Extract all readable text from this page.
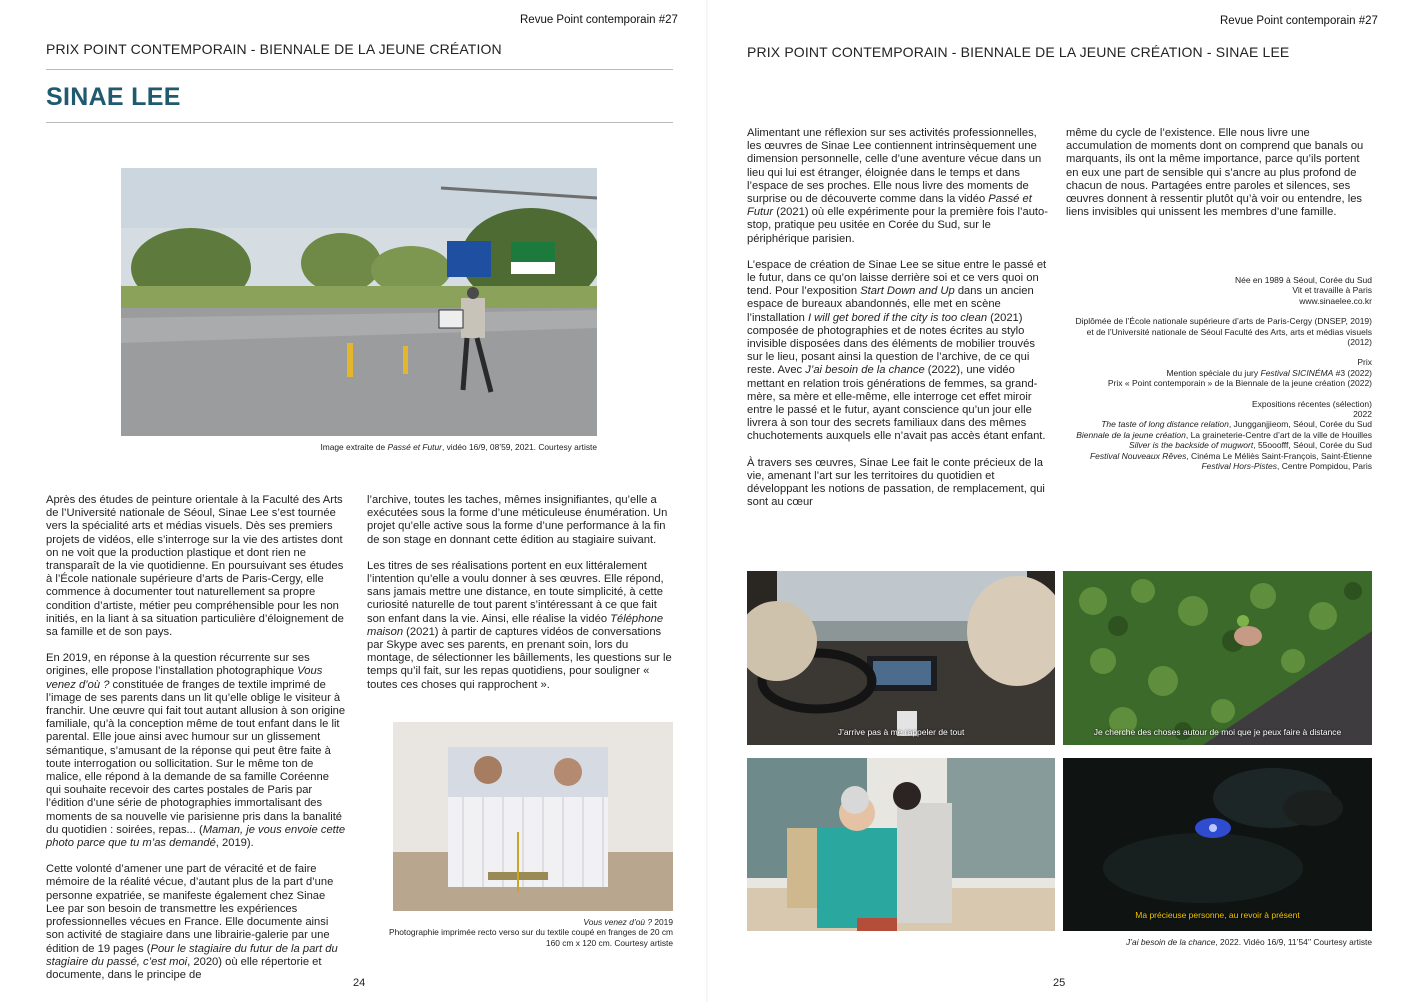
Revue Point contemporain #27
PRIX POINT CONTEMPORAIN - BIENNALE DE LA JEUNE CRÉATION
SINAE LEE
Image extraite de Passé et Futur, vidéo 16/9, 08’59, 2021. Courtesy artiste

Après des études de peinture orientale à la Faculté des Arts de l’Université nationale de Séoul, Sinae Lee s’est tournée vers la spécialité arts et médias visuels. Dès ses premiers projets de vidéos, elle s’interroge sur la vie des artistes dont on ne voit que la production plastique et dont rien ne transparaît de la vie quotidienne. En poursuivant ses études à l’École nationale supérieure d’arts de Paris-Cergy, elle commence à documenter tout naturellement sa propre condition d’artiste, métier peu compréhensible pour les non initiés, en la liant à sa situation particulière d’éloignement de sa famille et de son pays.

En 2019, en réponse à la question récurrente sur ses origines, elle propose l’installation photographique Vous venez d’où ? constituée de franges de textile imprimé de l’image de ses parents dans un lit qu’elle oblige le visiteur à franchir. Une œuvre qui fait tout autant allusion à son origine familiale, qu’à la conception même de tout enfant dans le lit parental. Elle joue ainsi avec humour sur un glissement sémantique, s’amusant de la réponse qui peut être faite à toute interrogation ou sollicitation. Sur le même ton de malice, elle répond à la demande de sa famille Coréenne qui souhaite recevoir des cartes postales de Paris par l’édition d’une série de photographies immortalisant des moments de sa nouvelle vie parisienne pris dans la banalité du quotidien : soirées, repas... (Maman, je vous envoie cette photo parce que tu m’as demandé, 2019).

Cette volonté d’amener une part de véracité et de faire mémoire de la réalité vécue, d’autant plus de la part d’une personne expatriée, se manifeste également chez Sinae Lee par son besoin de transmettre les expériences professionnelles vécues en France. Elle documente ainsi son activité de stagiaire dans une librairie-galerie par une édition de 19 pages (Pour le stagiaire du futur de la part du stagiaire du passé, c’est moi, 2020) où elle répertorie et documente, dans le principe de

l’archive, toutes les taches, mêmes insignifiantes, qu’elle a exécutées sous la forme d’une méticuleuse énumération. Un projet qu’elle active sous la forme d’une performance à la fin de son stage en donnant cette édition au stagiaire suivant.

Les titres de ses réalisations portent en eux littéralement l’intention qu’elle a voulu donner à ses œuvres. Elle répond, sans jamais mettre une distance, en toute simplicité, à cette curiosité naturelle de tout parent s’intéressant à ce que fait son enfant dans la vie. Ainsi, elle réalise la vidéo Téléphone maison (2021) à partir de captures vidéos de conversations par Skype avec ses parents, en prenant soin, lors du montage, de sélectionner les bâillements, les questions sur le temps qu’il fait, sur les repas quotidiens, pour souligner « toutes ces choses qui rapprochent ».

Vous venez d’où ? 2019
Photographie imprimée recto verso sur du textile coupé en franges de 20 cm
160 cm x 120 cm. Courtesy artiste
24
Revue Point contemporain #27
PRIX POINT CONTEMPORAIN - BIENNALE DE LA JEUNE CRÉATION - SINAE LEE

Alimentant une réflexion sur ses activités professionnelles, les œuvres de Sinae Lee contiennent intrinsèquement une dimension personnelle, celle d’une aventure vécue dans un lieu qui lui est étranger, éloignée dans le temps et dans l’espace de ses proches. Elle nous livre des moments de surprise ou de découverte comme dans la vidéo Passé et Futur (2021) où elle expérimente pour la première fois l’auto-stop, pratique peu usitée en Corée du Sud, sur le périphérique parisien.

L’espace de création de Sinae Lee se situe entre le passé et le futur, dans ce qu’on laisse derrière soi et ce vers quoi on tend. Pour l’exposition Start Down and Up dans un ancien espace de bureaux abandonnés, elle met en scène l’installation I will get bored if the city is too clean (2021) composée de photographies et de notes écrites au stylo invisible disposées dans des éléments de mobilier trouvés sur le lieu, posant ainsi la question de l’archive, de ce qui reste. Avec J’ai besoin de la chance (2022), une vidéo mettant en relation trois générations de femmes, sa grand-mère, sa mère et elle-même, elle interroge cet effet miroir entre le passé et le futur, ayant conscience qu’un jour elle livrera à son tour des secrets familiaux dans des mêmes chuchotements auxquels elle n’avait pas accès étant enfant.

À travers ses œuvres, Sinae Lee fait le conte précieux de la vie, amenant l’art sur les territoires du quotidien et développant les notions de passation, de remplacement, qui sont au cœur

même du cycle de l’existence. Elle nous livre une accumulation de moments dont on comprend que banals ou marquants, ils ont la même importance, parce qu’ils portent en eux une part de sensible qui s’ancre au plus profond de chacun de nous. Partagées entre paroles et silences, ses œuvres donnent à ressentir plutôt qu’à voir ou entendre, les liens invisibles qui unissent les membres d’une famille.

Née en 1989 à Séoul, Corée du Sud

Vit et travaille à Paris

www.sinaelee.co.kr

Diplômée de l’École nationale supérieure d’arts de Paris-Cergy (DNSEP, 2019)

et de l’Université nationale de Séoul Faculté des Arts, arts et médias visuels (2012)

Prix

Mention spéciale du jury Festival SICINÉMA #3 (2022)

Prix « Point contemporain » de la Biennale de la jeune création (2022)

Expositions récentes (sélection)

2022

The taste of long distance relation, Jungganjjieom, Séoul, Corée du Sud

Biennale de la jeune création, La graineterie-Centre d’art de la ville de Houilles

Silver is the backside of mugwort, 55ooofff, Séoul, Corée du Sud

Festival Nouveaux Rêves, Cinéma Le Méliès Saint-François, Saint-Étienne

Festival Hors-Pistes, Centre Pompidou, Paris

J’arrive pas à me rappeler de tout	Je cherche des choses autour de moi que je peux faire à distance
Ma précieuse personne, au revoir à présent
J’ai besoin de la chance, 2022. Vidéo 16/9, 11’54’’ Courtesy artiste
25
